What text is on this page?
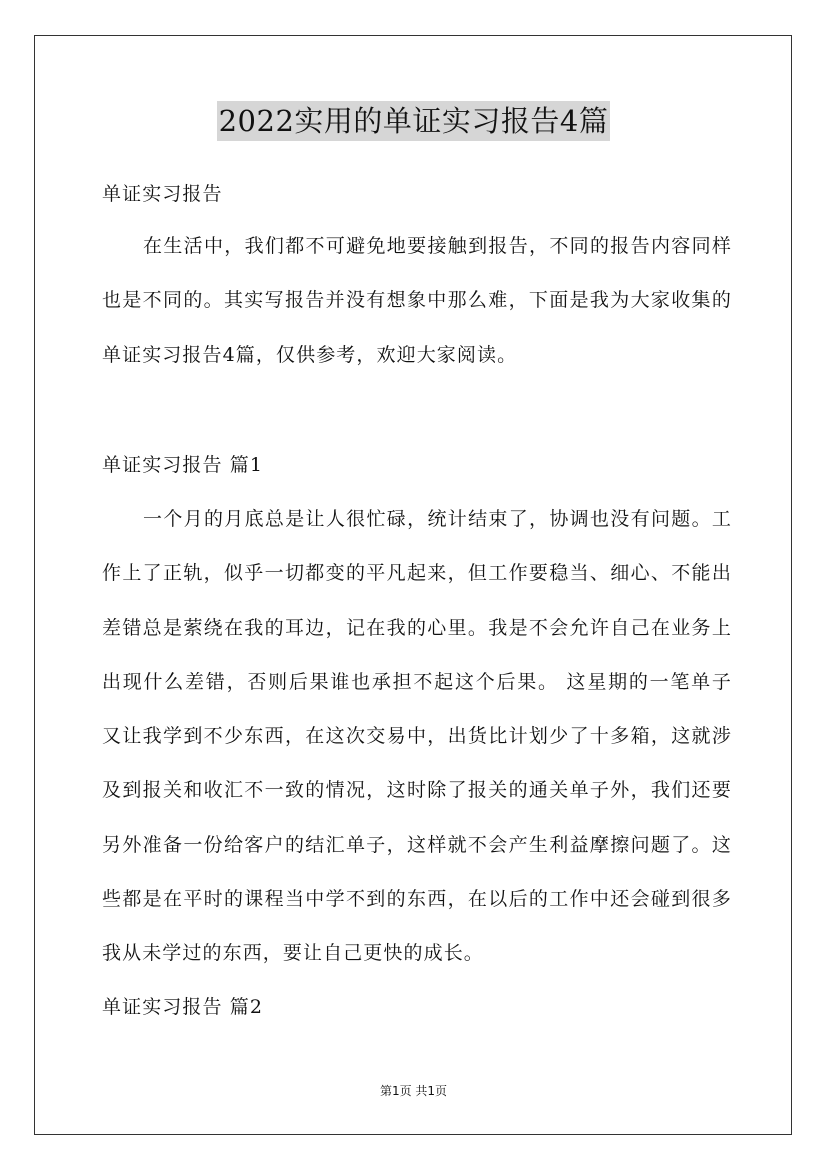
2022实用的单证实习报告4篇

单证实习报告

在生活中，我们都不可避免地要接触到报告，不同的报告内容同样也是不同的。其实写报告并没有想象中那么难，下面是我为大家收集的单证实习报告4篇，仅供参考，欢迎大家阅读。

单证实习报告 篇1

一个月的月底总是让人很忙碌，统计结束了，协调也没有问题。工作上了正轨，似乎一切都变的平凡起来，但工作要稳当、细心、不能出差错总是萦绕在我的耳边，记在我的心里。我是不会允许自己在业务上出现什么差错，否则后果谁也承担不起这个后果。 这星期的一笔单子又让我学到不少东西，在这次交易中，出货比计划少了十多箱，这就涉及到报关和收汇不一致的情况，这时除了报关的通关单子外，我们还要另外准备一份给客户的结汇单子，这样就不会产生利益摩擦问题了。这些都是在平时的课程当中学不到的东西，在以后的工作中还会碰到很多我从未学过的东西，要让自己更快的成长。

单证实习报告 篇2

第1页 共1页
